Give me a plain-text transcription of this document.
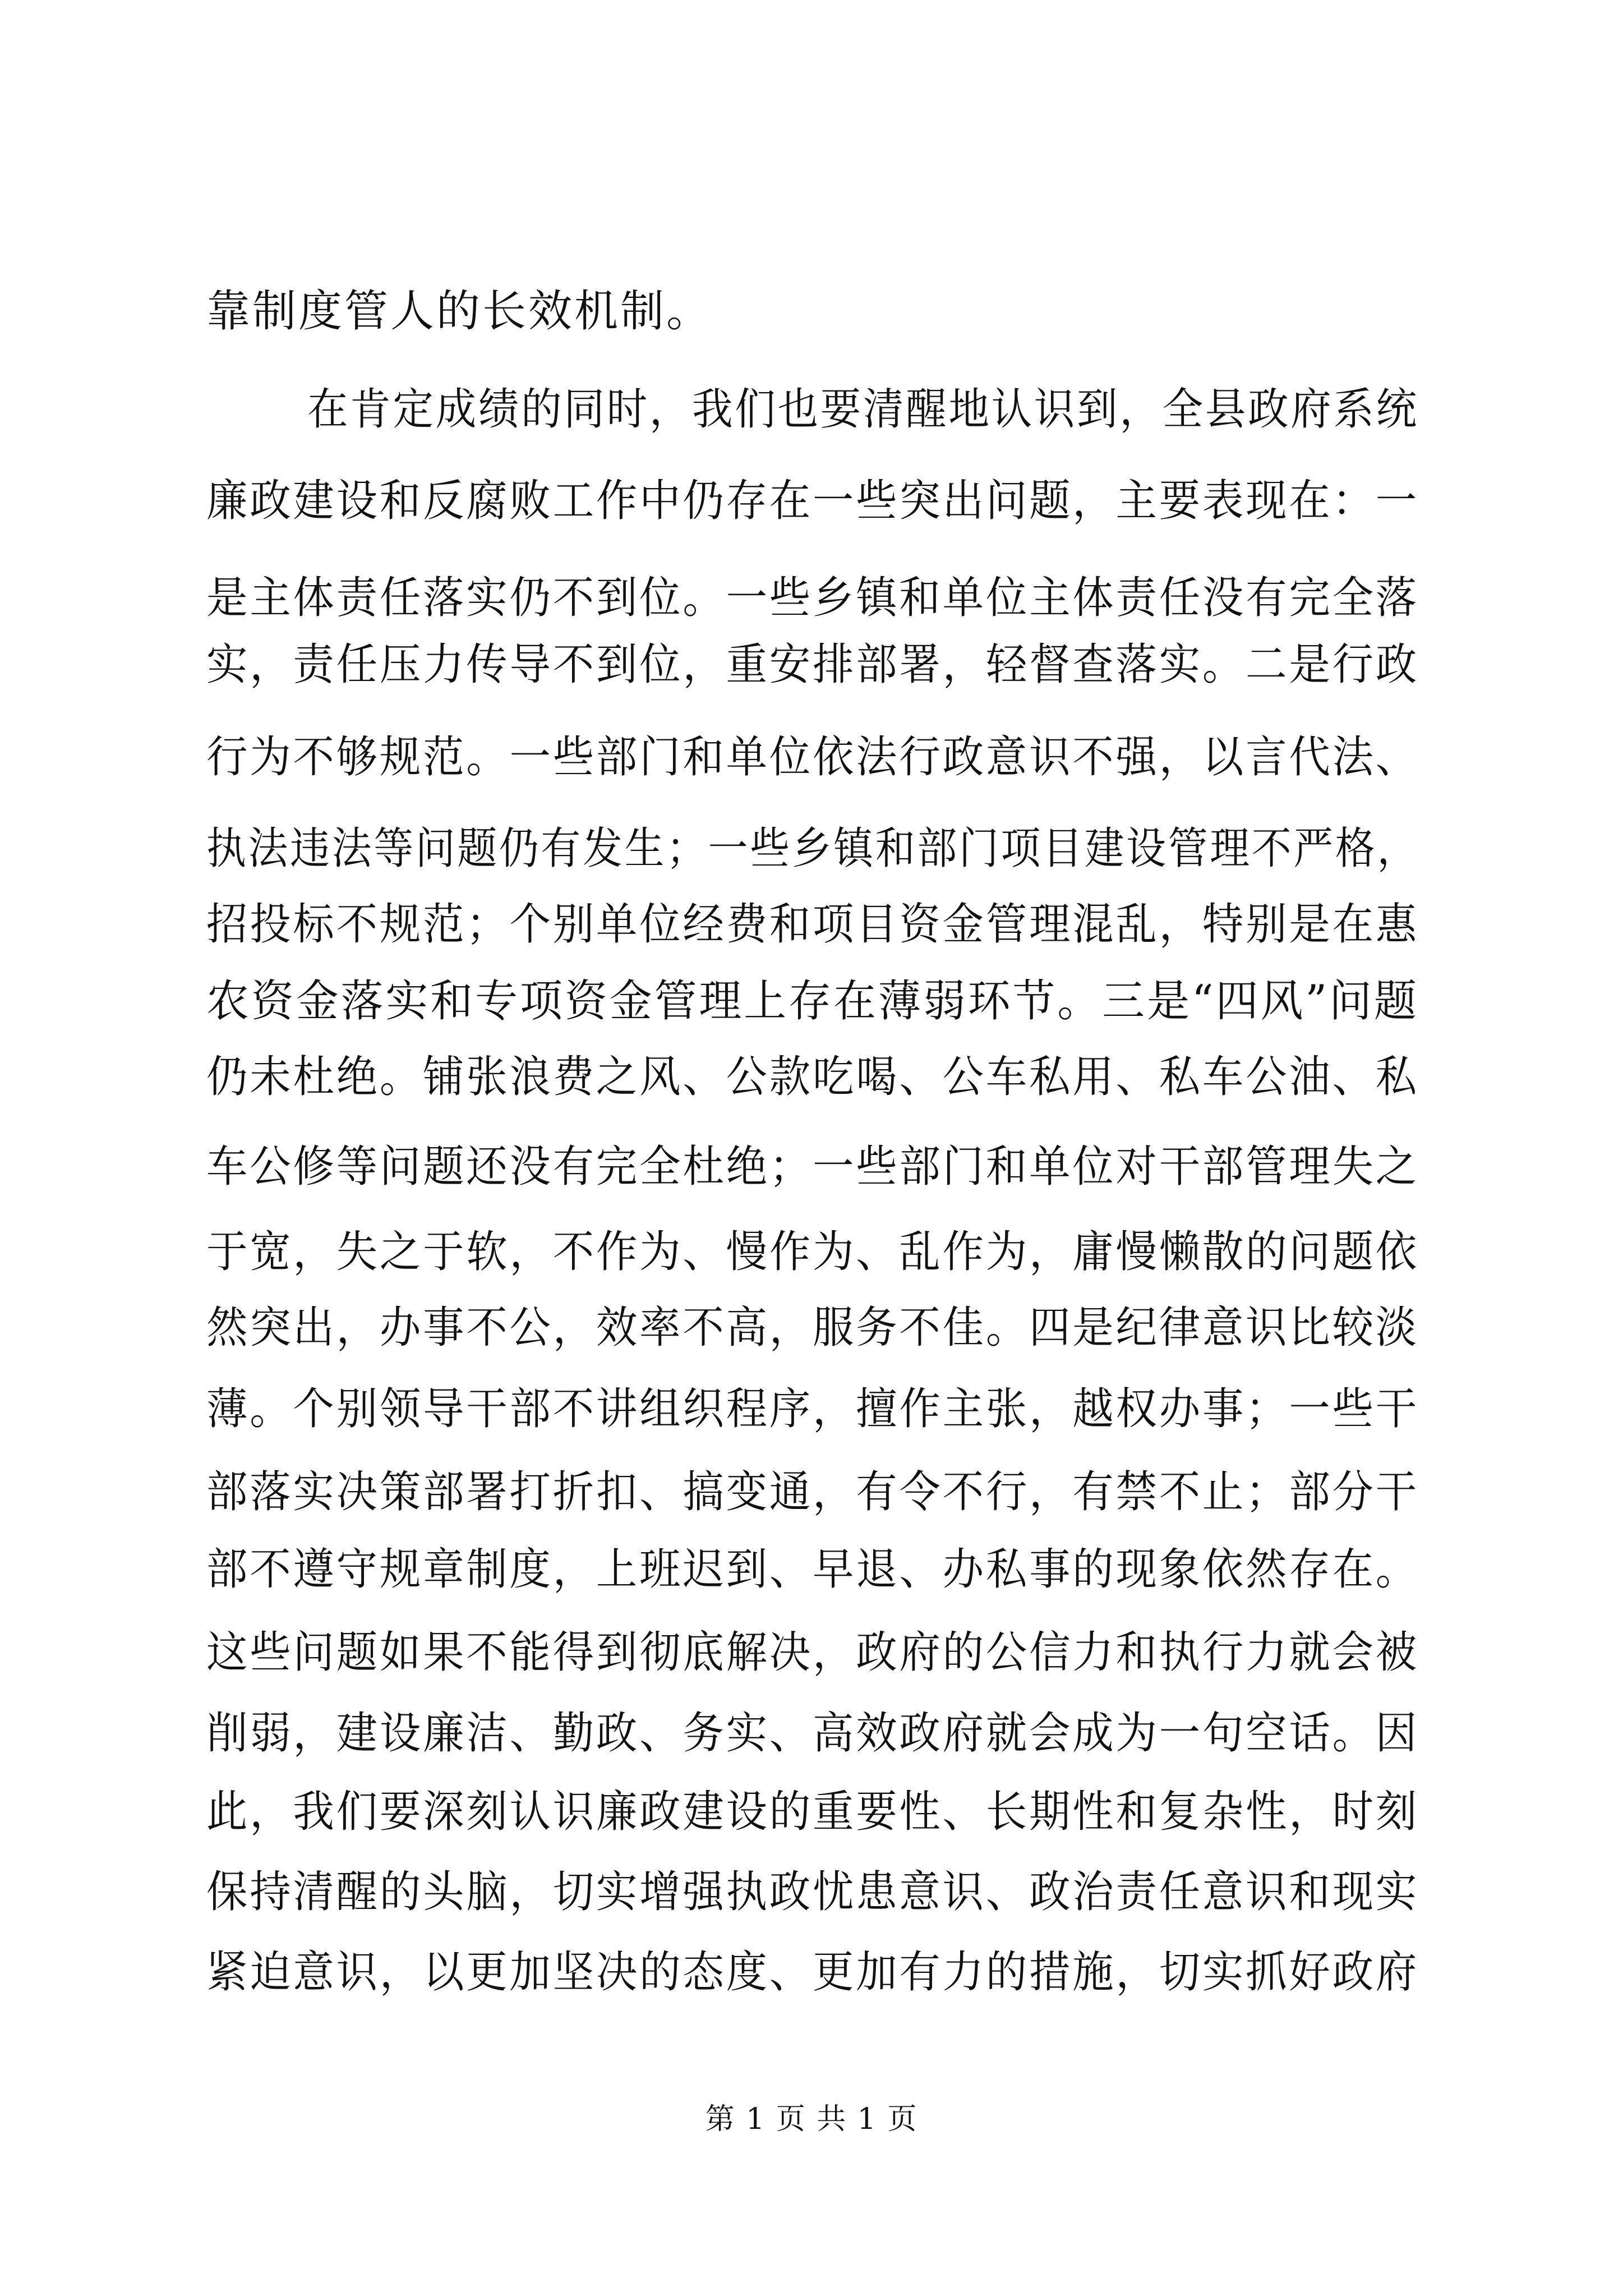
靠制度管人的长效机制。
在肯定成绩的同时，我们也要清醒地认识到，全县政府系统
廉政建设和反腐败工作中仍存在一些突出问题，主要表现在：一
是主体责任落实仍不到位。一些乡镇和单位主体责任没有完全落
实，责任压力传导不到位，重安排部署，轻督查落实。二是行政
行为不够规范。一些部门和单位依法行政意识不强，以言代法、
执法违法等问题仍有发生；一些乡镇和部门项目建设管理不严格，
招投标不规范；个别单位经费和项目资金管理混乱，特别是在惠
农资金落实和专项资金管理上存在薄弱环节。三是“四风”问题
仍未杜绝。铺张浪费之风、公款吃喝、公车私用、私车公油、私
车公修等问题还没有完全杜绝；一些部门和单位对干部管理失之
于宽，失之于软，不作为、慢作为、乱作为，庸慢懒散的问题依
然突出，办事不公，效率不高，服务不佳。四是纪律意识比较淡
薄。个别领导干部不讲组织程序，擅作主张，越权办事；一些干
部落实决策部署打折扣、搞变通，有令不行，有禁不止；部分干
部不遵守规章制度，上班迟到、早退、办私事的现象依然存在。
这些问题如果不能得到彻底解决，政府的公信力和执行力就会被
削弱，建设廉洁、勤政、务实、高效政府就会成为一句空话。因
此，我们要深刻认识廉政建设的重要性、长期性和复杂性，时刻
保持清醒的头脑，切实增强执政忧患意识、政治责任意识和现实
紧迫意识，以更加坚决的态度、更加有力的措施，切实抓好政府
第 1 页 共 1 页
